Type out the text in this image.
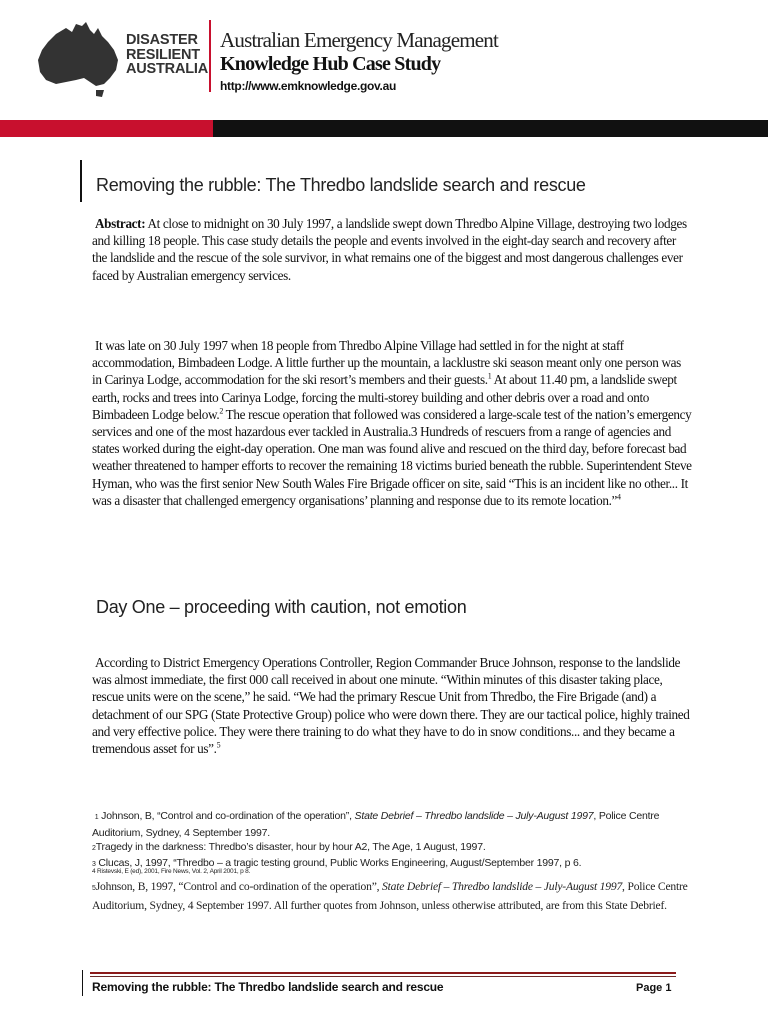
DISASTER
RESILIENT
AUSTRALIA
Australian Emergency Management
Knowledge Hub Case Study
http://www.emknowledge.gov.au
Removing the rubble: The Thredbo landslide search and rescue
Abstract: At close to midnight on 30 July 1997, a landslide swept down Thredbo Alpine Village, destroying two lodges and killing 18 people. This case study details the people and events involved in the eight-day search and recovery after the landslide and the rescue of the sole survivor, in what remains one of the biggest and most dangerous challenges ever faced by Australian emergency services.
It was late on 30 July 1997 when 18 people from Thredbo Alpine Village had settled in for the night at staff accommodation, Bimbadeen Lodge. A little further up the mountain, a lacklustre ski season meant only one person was in Carinya Lodge, accommodation for the ski resort’s members and their guests.$^1$ At about 11.40 pm, a landslide swept earth, rocks and trees into Carinya Lodge, forcing the multi-storey building and other debris over a road and onto Bimbadeen Lodge below.$^2$ The rescue operation that followed was considered a large-scale test of the nation’s emergency services and one of the most hazardous ever tackled in Australia.3 Hundreds of rescuers from a range of agencies and states worked during the eight-day operation. One man was found alive and rescued on the third day, before forecast bad weather threatened to hamper efforts to recover the remaining 18 victims buried beneath the rubble. Superintendent Steve Hyman, who was the first senior New South Wales Fire Brigade officer on site, said “This is an incident like no other... It was a disaster that challenged emergency organisations’ planning and response due to its remote location.”$^4$
Day One – proceeding with caution, not emotion
According to District Emergency Operations Controller, Region Commander Bruce Johnson, response to the landslide was almost immediate, the first 000 call received in about one minute. “Within minutes of this disaster taking place, rescue units were on the scene,” he said. “We had the primary Rescue Unit from Thredbo, the Fire Brigade (and) a detachment of our SPG (State Protective Group) police who were down there. They are our tactical police, highly trained and very effective police. They were there training to do what they have to do in snow conditions... and they became a tremendous asset for us”.$^5$
1 Johnson, B, “Control and co-ordination of the operation”, State Debrief – Thredbo landslide – July-August 1997, Police Centre Auditorium, Sydney, 4 September 1997.
2Tragedy in the darkness: Thredbo’s disaster, hour by hour A2, The Age, 1 August, 1997.
3 Clucas, J, 1997, “Thredbo – a tragic testing ground, Public Works Engineering, August/September 1997, p 6.
4 Ristevski, E (ed), 2001, Fire News, Vol. 2, April 2001, p 8.
5Johnson, B, 1997, “Control and co-ordination of the operation”, State Debrief – Thredbo landslide – July-August 1997, Police Centre Auditorium, Sydney, 4 September 1997. All further quotes from Johnson, unless otherwise attributed, are from this State Debrief.
Removing the rubble: The Thredbo landslide search and rescue	Page 1
